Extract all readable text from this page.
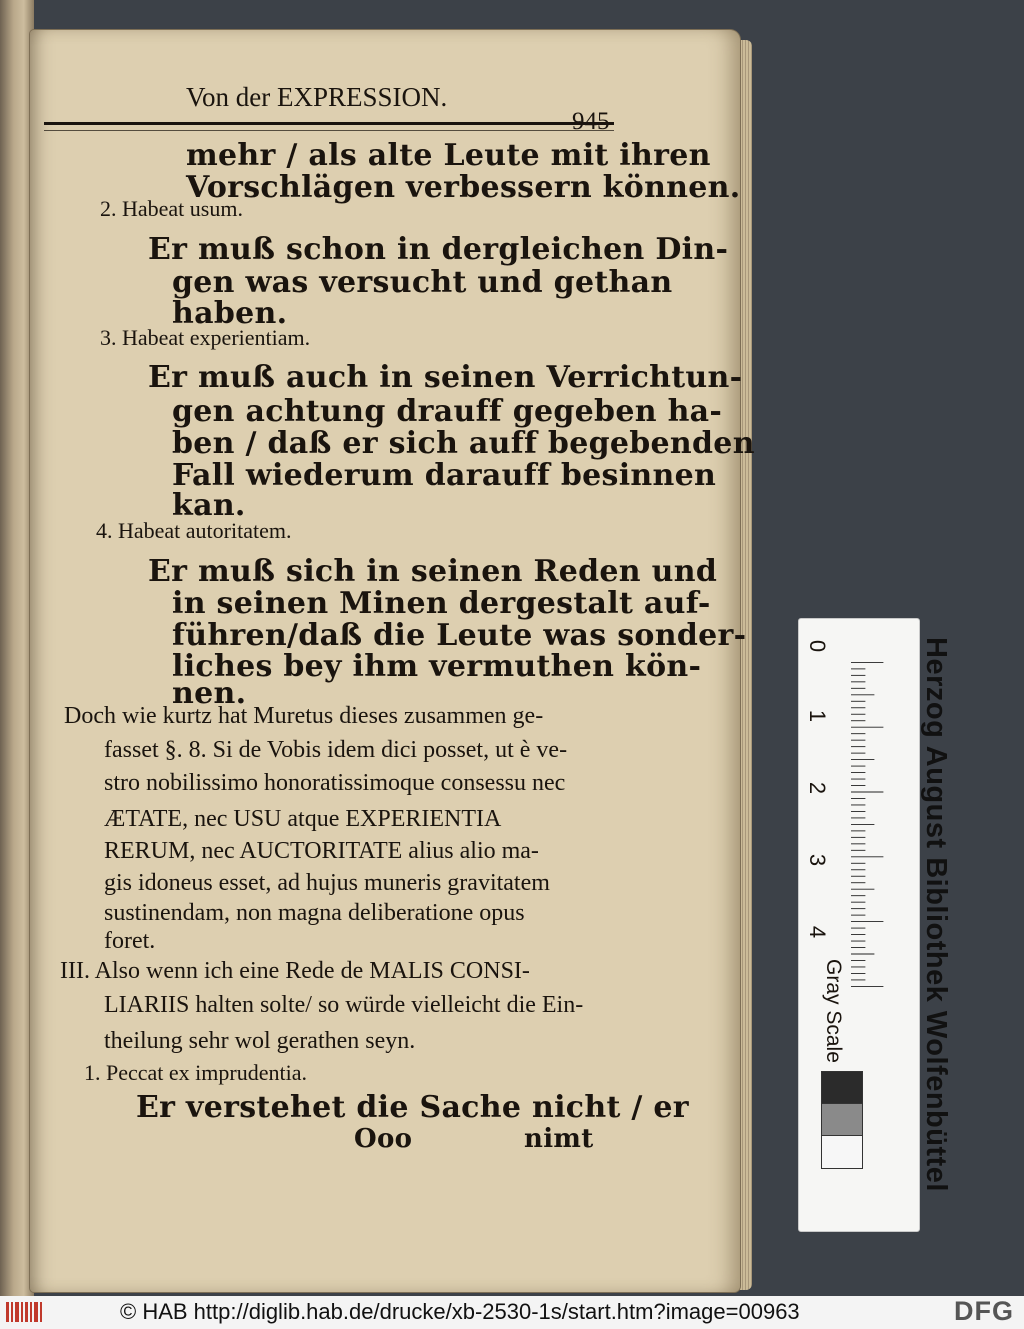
Von der EXPRESSION.
mehr / als alte Leute mit ihren
Vorschlägen verbessern können.
2. Habeat usum.
Er muß schon in dergleichen Din-
gen was versucht und gethan
haben.
3. Habeat experientiam.
Er muß auch in seinen Verrichtun-
gen achtung drauff gegeben ha-
ben / daß er sich auff begebenden
Fall wiederum darauff besinnen
kan.
4. Habeat autoritatem.
Er muß sich in seinen Reden und
in seinen Minen dergestalt auf-
führen/daß die Leute was sonder-
liches bey ihm vermuthen kön-
nen.
Doch wie kurtz hat Muretus dieses zusammen ge-
fasset §. 8. Si de Vobis idem dici posset, ut è ve-
stro nobilissimo honoratissimoque consessu nec
ÆTATE, nec USU atque EXPERIENTIA
RERUM, nec AUCTORITATE alius alio ma-
gis idoneus esset, ad hujus muneris gravitatem
sustinendam, non magna deliberatione opus
foret.
III. Also wenn ich eine Rede de MALIS CONSI-
LIARIIS halten solte/ so würde vielleicht die Ein-
theilung sehr wol gerathen seyn.
1. Peccat ex imprudentia.
Er verstehet die Sache nicht / er
Ooo	nimt
0
1
2
3
4	Herzog August Bibliothek Wolfenbüttel
Gray Scale
© HAB http://diglib.hab.de/drucke/xb-2530-1s/start.htm?image=00963	DFG
